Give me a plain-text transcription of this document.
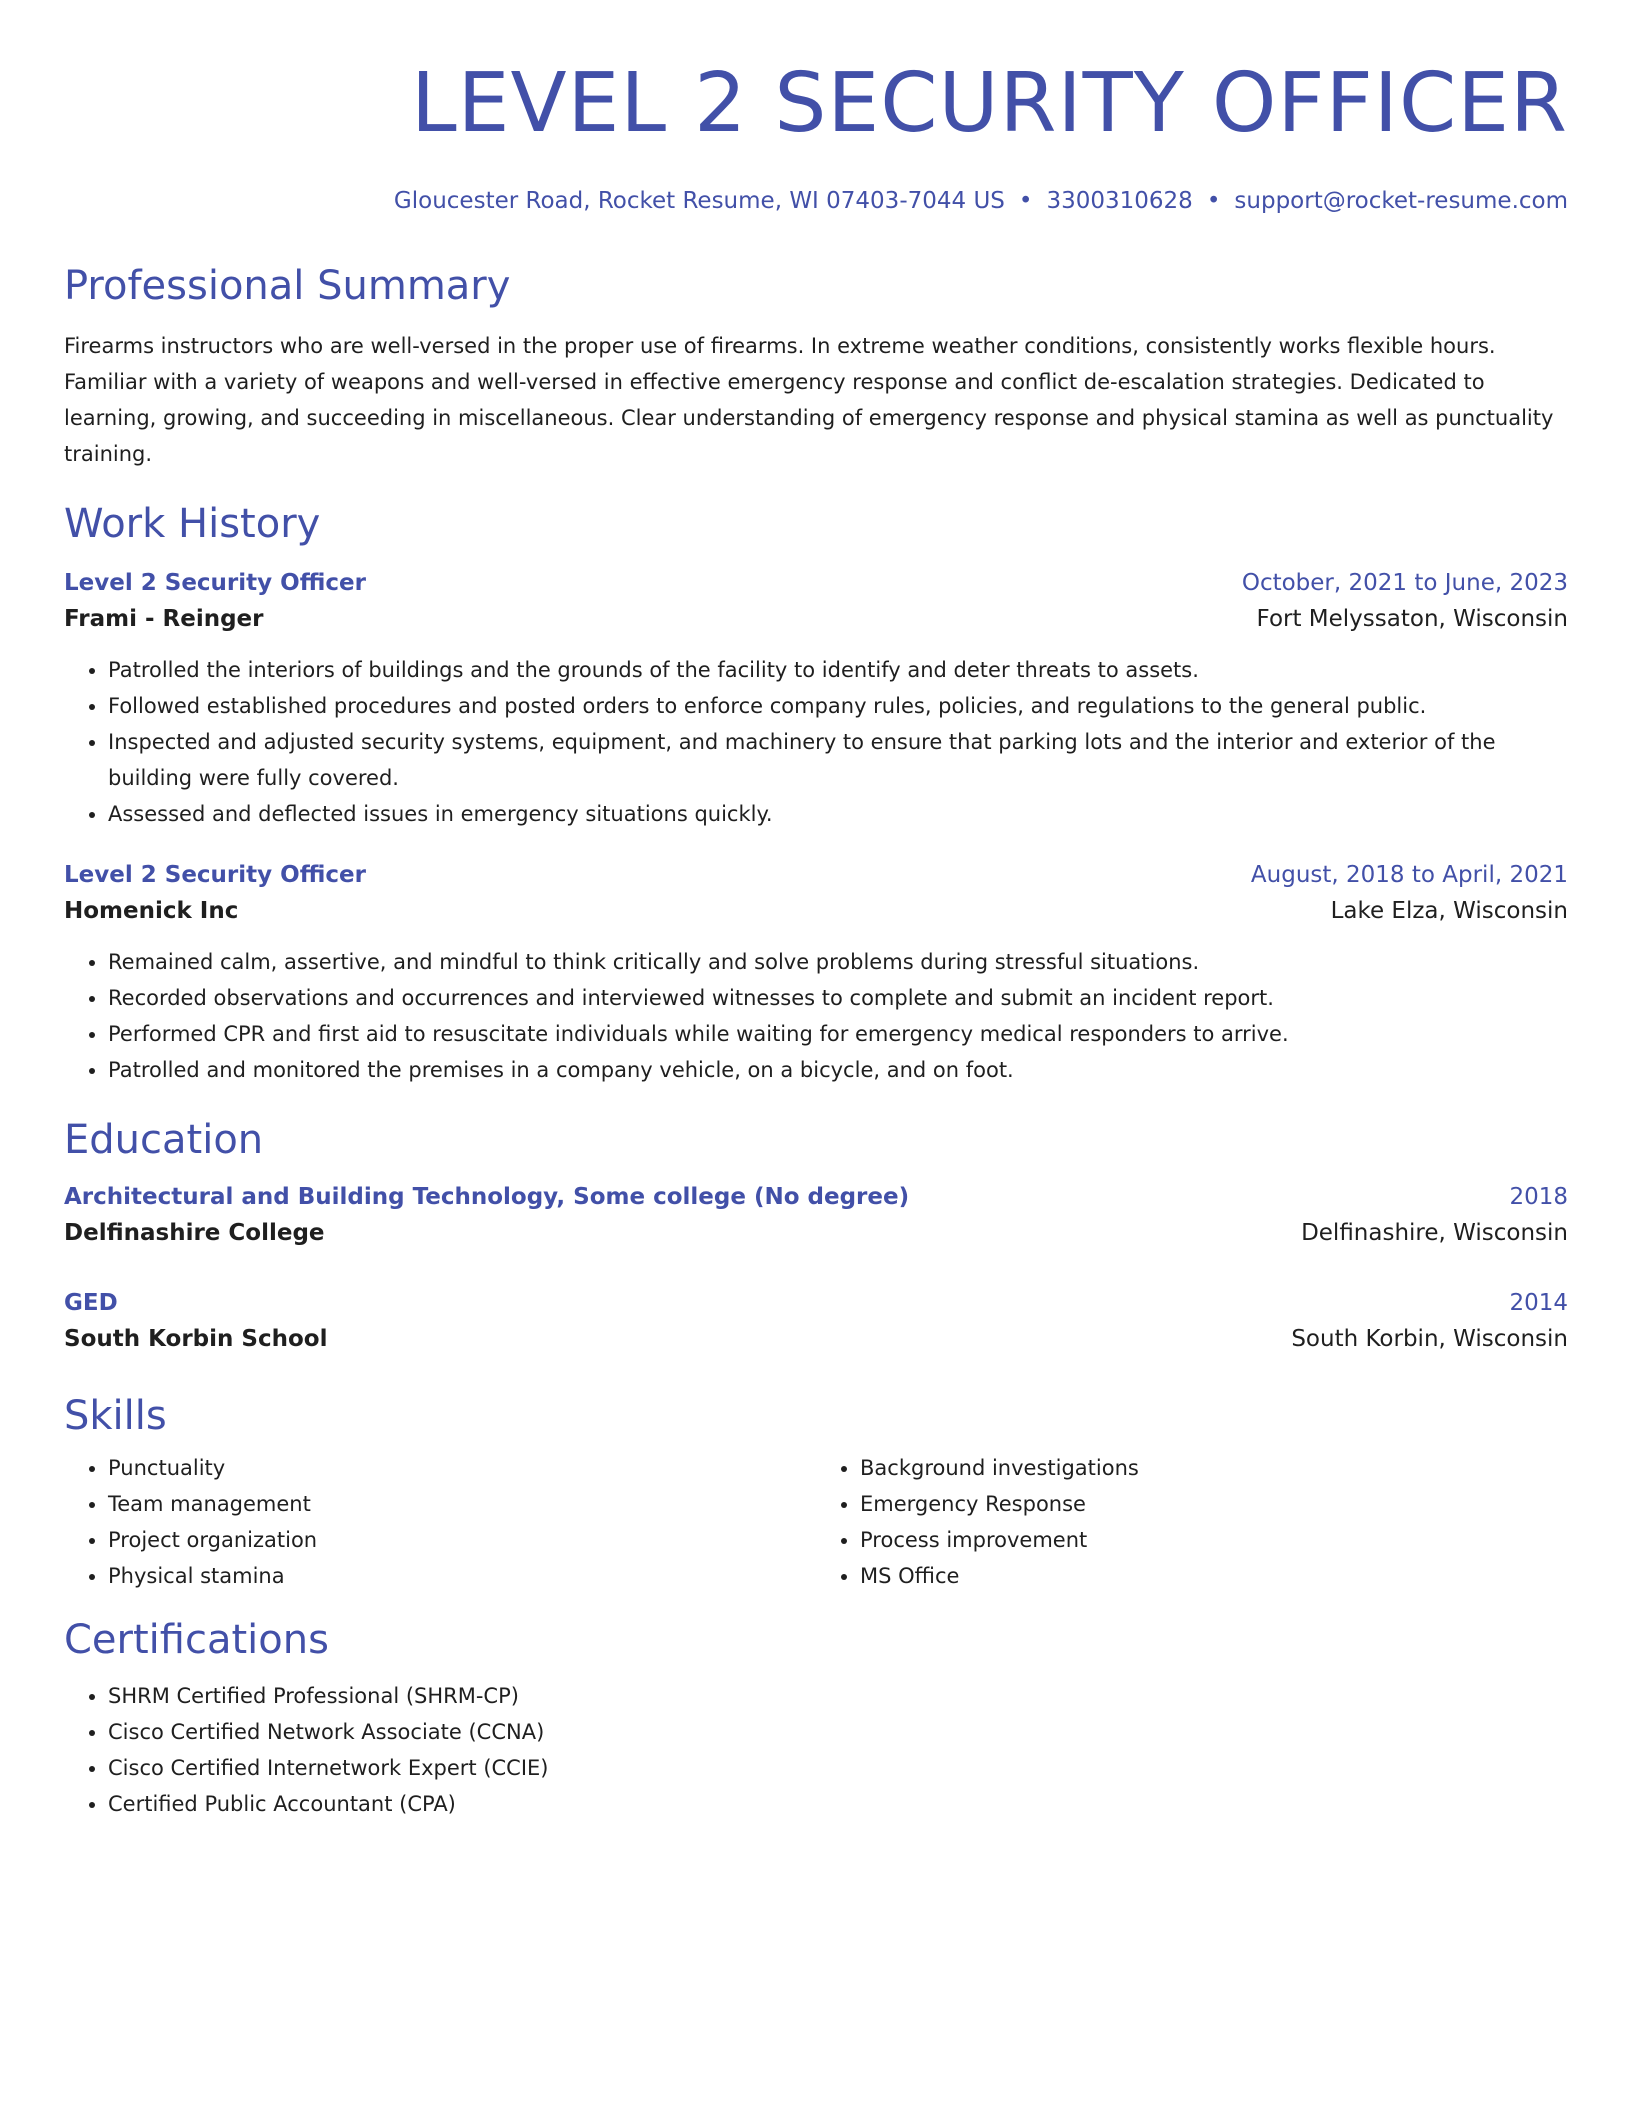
LEVEL 2 SECURITY OFFICER
Gloucester Road, Rocket Resume, WI 07403-7044 US • 3300310628 • support@rocket-resume.com
Professional Summary
Firearms instructors who are well-versed in the proper use of firearms. In extreme weather conditions, consistently works flexible hours. Familiar with a variety of weapons and well-versed in effective emergency response and conflict de-escalation strategies. Dedicated to learning, growing, and succeeding in miscellaneous. Clear understanding of emergency response and physical stamina as well as punctuality training.
Work History
Level 2 Security Officer	October, 2021 to June, 2023
Frami - Reinger	Fort Melyssaton, Wisconsin
• Patrolled the interiors of buildings and the grounds of the facility to identify and deter threats to assets.
• Followed established procedures and posted orders to enforce company rules, policies, and regulations to the general public.
• Inspected and adjusted security systems, equipment, and machinery to ensure that parking lots and the interior and exterior of the building were fully covered.
• Assessed and deflected issues in emergency situations quickly.
Level 2 Security Officer	August, 2018 to April, 2021
Homenick Inc	Lake Elza, Wisconsin
• Remained calm, assertive, and mindful to think critically and solve problems during stressful situations.
• Recorded observations and occurrences and interviewed witnesses to complete and submit an incident report.
• Performed CPR and first aid to resuscitate individuals while waiting for emergency medical responders to arrive.
• Patrolled and monitored the premises in a company vehicle, on a bicycle, and on foot.
Education
Architectural and Building Technology, Some college (No degree)	2018
Delfinashire College	Delfinashire, Wisconsin
GED	2014
South Korbin School	South Korbin, Wisconsin
Skills
• Punctuality
• Team management
• Project organization
• Physical stamina
• Background investigations
• Emergency Response
• Process improvement
• MS Office
Certifications
• SHRM Certified Professional (SHRM-CP)
• Cisco Certified Network Associate (CCNA)
• Cisco Certified Internetwork Expert (CCIE)
• Certified Public Accountant (CPA)
